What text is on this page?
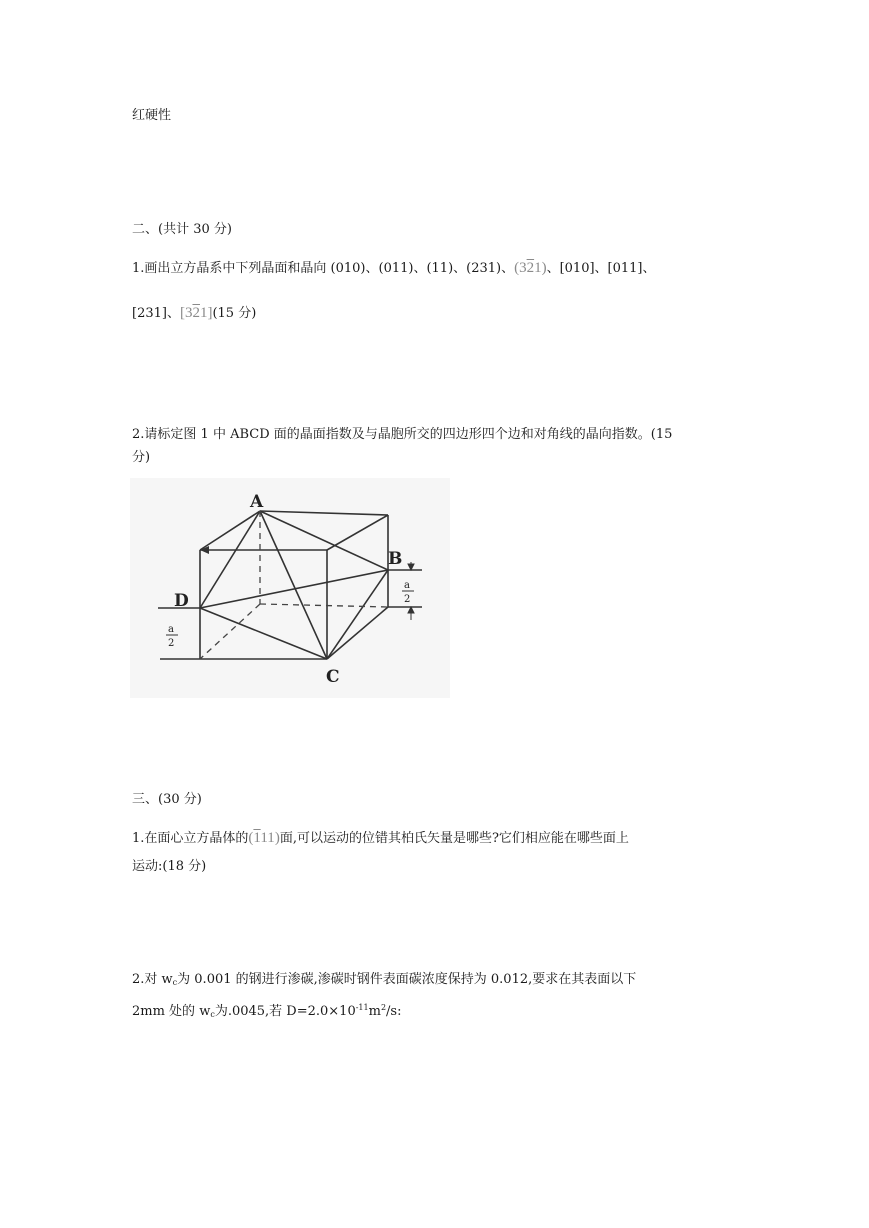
红硬性
二、(共计 30 分)
1.画出立方晶系中下列晶面和晶向 (010)、(011)、(11)、(231)、(321)、[010]、[011]、
[231]、[321](15 分)
2.请标定图 1 中 ABCD 面的晶面指数及与晶胞所交的四边形四个边和对角线的晶向指数。(15
分)
A
B
C
D
a
2
a
2
三、(30 分)
1.在面心立方晶体的(111)面,可以运动的位错其柏氏矢量是哪些?它们相应能在哪些面上
运动:(18 分)
2.对 $w_c$为 0.001 的钢进行渗碳,渗碳时钢件表面碳浓度保持为 0.012,要求在其表面以下
2mm 处的 $w_c$为.0045,若 $D=2.0\times 10^{-11}m^2/s$:
